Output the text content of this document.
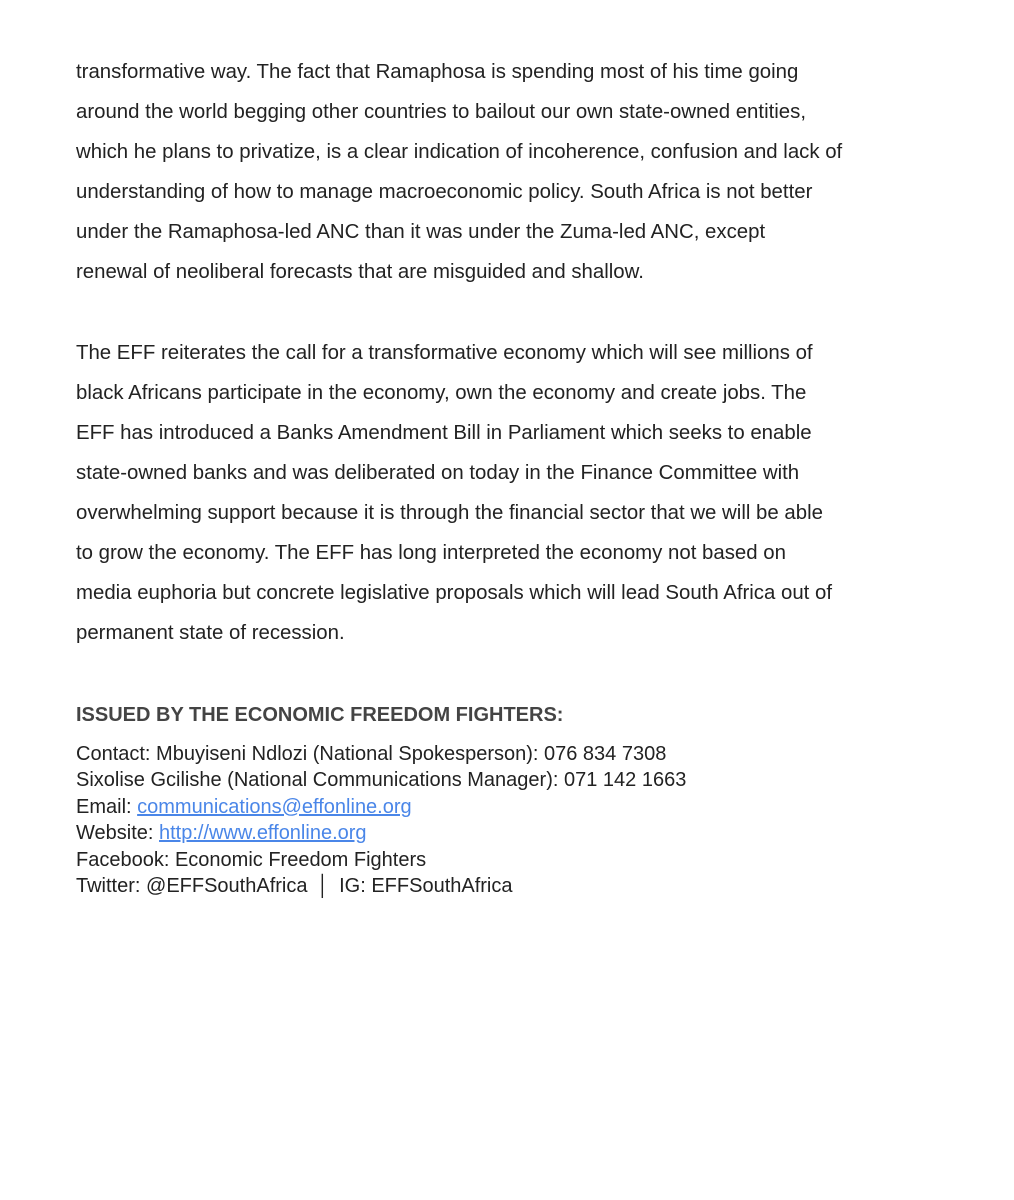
transformative way. The fact that Ramaphosa is spending most of his time going
around the world begging other countries to bailout our own state-owned entities,
which he plans to privatize, is a clear indication of incoherence, confusion and lack of
understanding of how to manage macroeconomic policy. South Africa is not better
under the Ramaphosa-led ANC than it was under the Zuma-led ANC, except
renewal of neoliberal forecasts that are misguided and shallow.

The EFF reiterates the call for a transformative economy which will see millions of
black Africans participate in the economy, own the economy and create jobs. The
EFF has introduced a Banks Amendment Bill in Parliament which seeks to enable
state-owned banks and was deliberated on today in the Finance Committee with
overwhelming support because it is through the financial sector that we will be able
to grow the economy. The EFF has long interpreted the economy not based on
media euphoria but concrete legislative proposals which will lead South Africa out of
permanent state of recession.

ISSUED BY THE ECONOMIC FREEDOM FIGHTERS:
Contact: Mbuyiseni Ndlozi (National Spokesperson): 076 834 7308
Sixolise Gcilishe (National Communications Manager): 071 142 1663
Email: communications@effonline.org
Website: http://www.effonline.org
Facebook: Economic Freedom Fighters
Twitter: @EFFSouthAfrica │ IG: EFFSouthAfrica
